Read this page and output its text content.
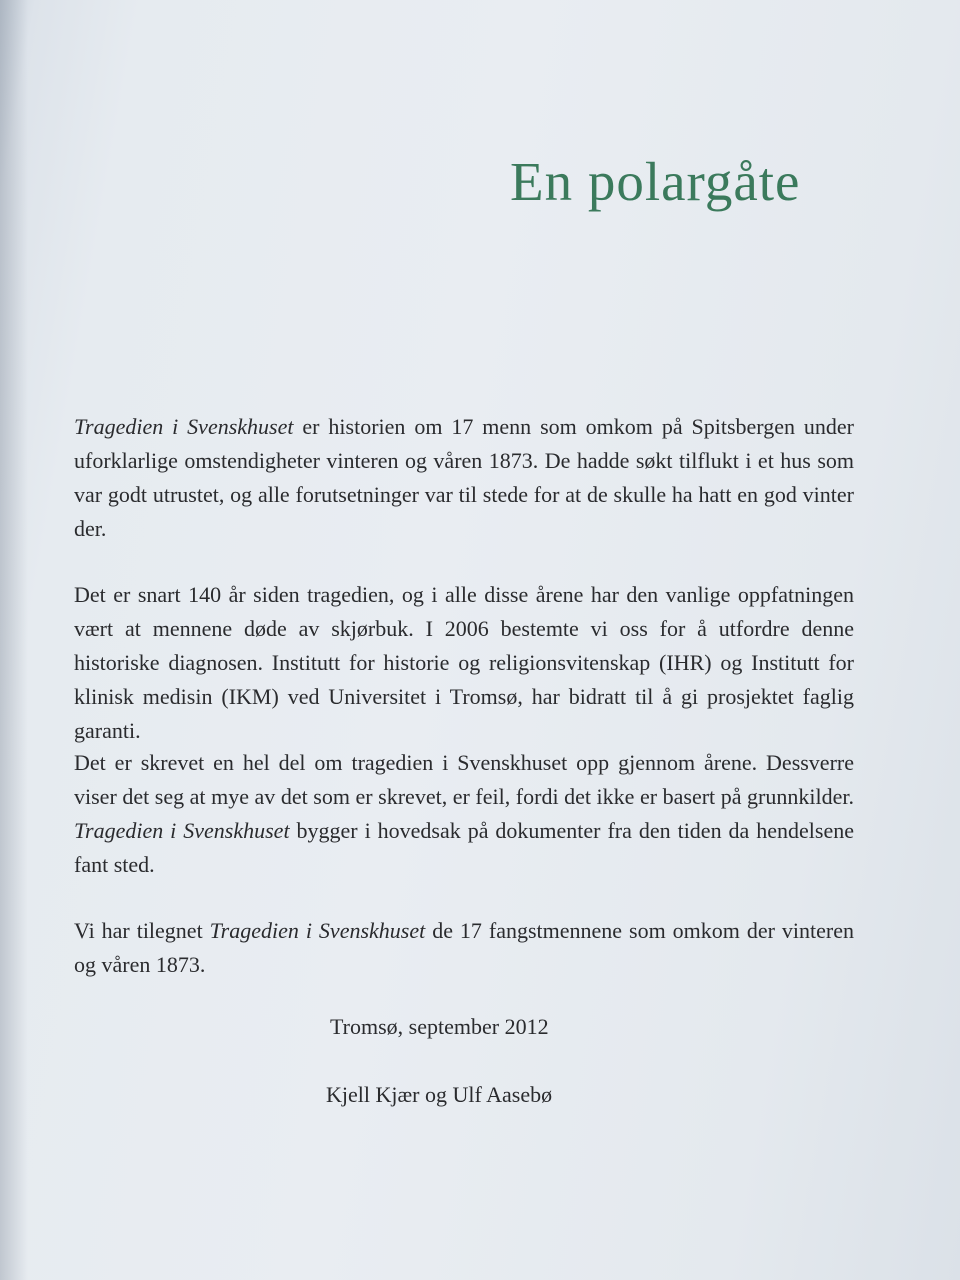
En polargåte

Tragedien i Svenskhuset er historien om 17 menn som omkom på Spitsbergen under uforklarlige omstendigheter vinteren og våren 1873. De hadde søkt tilflukt i et hus som var godt utrustet, og alle forutsetninger var til stede for at de skulle ha hatt en god vinter der.

Det er snart 140 år siden tragedien, og i alle disse årene har den vanlige oppfatningen vært at mennene døde av skjørbuk. I 2006 bestemte vi oss for å utfordre denne historiske diagnosen. Institutt for historie og religionsvitenskap (IHR) og Institutt for klinisk medisin (IKM) ved Universitet i Tromsø, har bidratt til å gi prosjektet faglig garanti.

Det er skrevet en hel del om tragedien i Svenskhuset opp gjennom årene. Dessverre viser det seg at mye av det som er skrevet, er feil, fordi det ikke er basert på grunnkilder. Tragedien i Svenskhuset bygger i hovedsak på dokumenter fra den tiden da hendelsene fant sted.

Vi har tilegnet Tragedien i Svenskhuset de 17 fangstmennene som omkom der vinteren og våren 1873.

Tromsø, september 2012
Kjell Kjær og Ulf Aasebø
